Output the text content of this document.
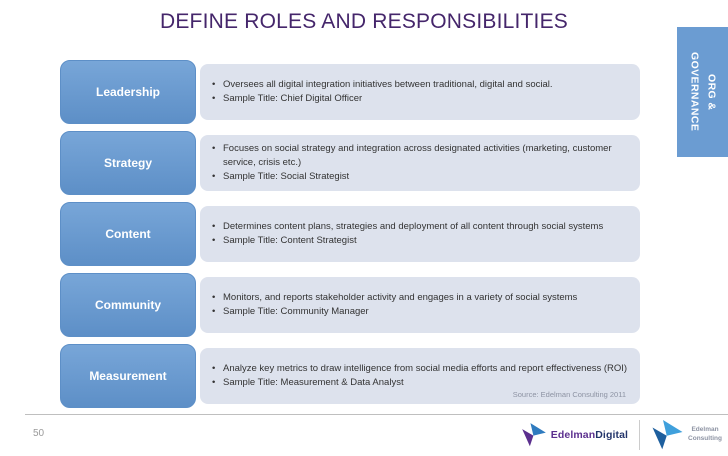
DEFINE ROLES AND RESPONSIBILITIES
ORG &
GOVERNANCE
Leadership
• Oversees all digital integration initiatives between traditional, digital and social.
• Sample Title: Chief Digital Officer
Strategy
• Focuses on social strategy and integration across designated activities (marketing, customer service, crisis etc.)
• Sample Title: Social Strategist
Content
• Determines content plans, strategies and deployment of all content through social systems
• Sample Title: Content Strategist
Community
• Monitors, and reports stakeholder activity and engages in a variety of social systems
• Sample Title: Community Manager
Measurement
• Analyze key metrics to draw intelligence from social media efforts and report effectiveness (ROI)
• Sample Title: Measurement & Data Analyst
Source: Edelman Consulting 2011
50	EdelmanDigital	Edelman
Consulting
